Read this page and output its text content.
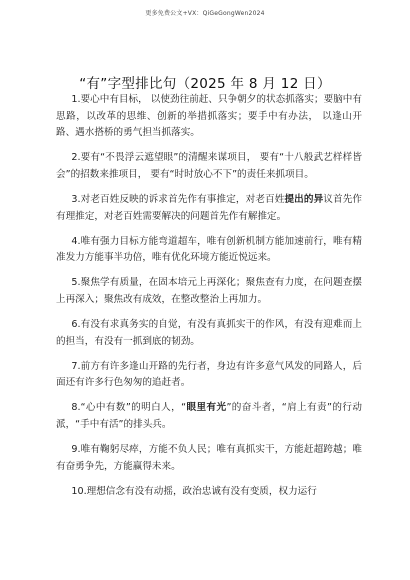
更多免费公文+VX：QiGeGongWen2024
“有”字型排比句（2025 年 8 月 12 日）

1.要心中有目标， 以使劲往前赶、只争朝夕的状态抓落实；要脑中有思路，以改革的思维、创新的举措抓落实；要手中有办法， 以逢山开路、遇水搭桥的勇气担当抓落实。

2.要有“不畏浮云遮望眼”的清醒来谋项目， 要有“十八般武艺样样皆会”的招数来推项目， 要有“时时放心不下”的责任来抓项目。

3.对老百姓反映的诉求首先作有事推定，对老百姓提出的异议首先作有理推定，对老百姓需要解决的问题首先作有解推定。

4.唯有强力目标方能弯道超车，唯有创新机制方能加速前行，唯有精准发力方能事半功倍，唯有优化环境方能近悦远来。

5.聚焦学有质量，在固本培元上再深化；聚焦查有力度，在问题查摆上再深入；聚焦改有成效，在整改整治上再加力。

6.有没有求真务实的自觉，有没有真抓实干的作风，有没有迎难而上的担当，有没有一抓到底的韧劲。

7.前方有许多逢山开路的先行者，身边有许多意气风发的同路人，后面还有许多行色匆匆的追赶者。

8.“心中有数”的明白人，“眼里有光”的奋斗者，“肩上有责”的行动派，“手中有活”的排头兵。

9.唯有鞠躬尽瘁，方能不负人民；唯有真抓实干，方能赶超跨越；唯有奋勇争先，方能赢得未来。

10.理想信念有没有动摇，政治忠诚有没有变质，权力运行
